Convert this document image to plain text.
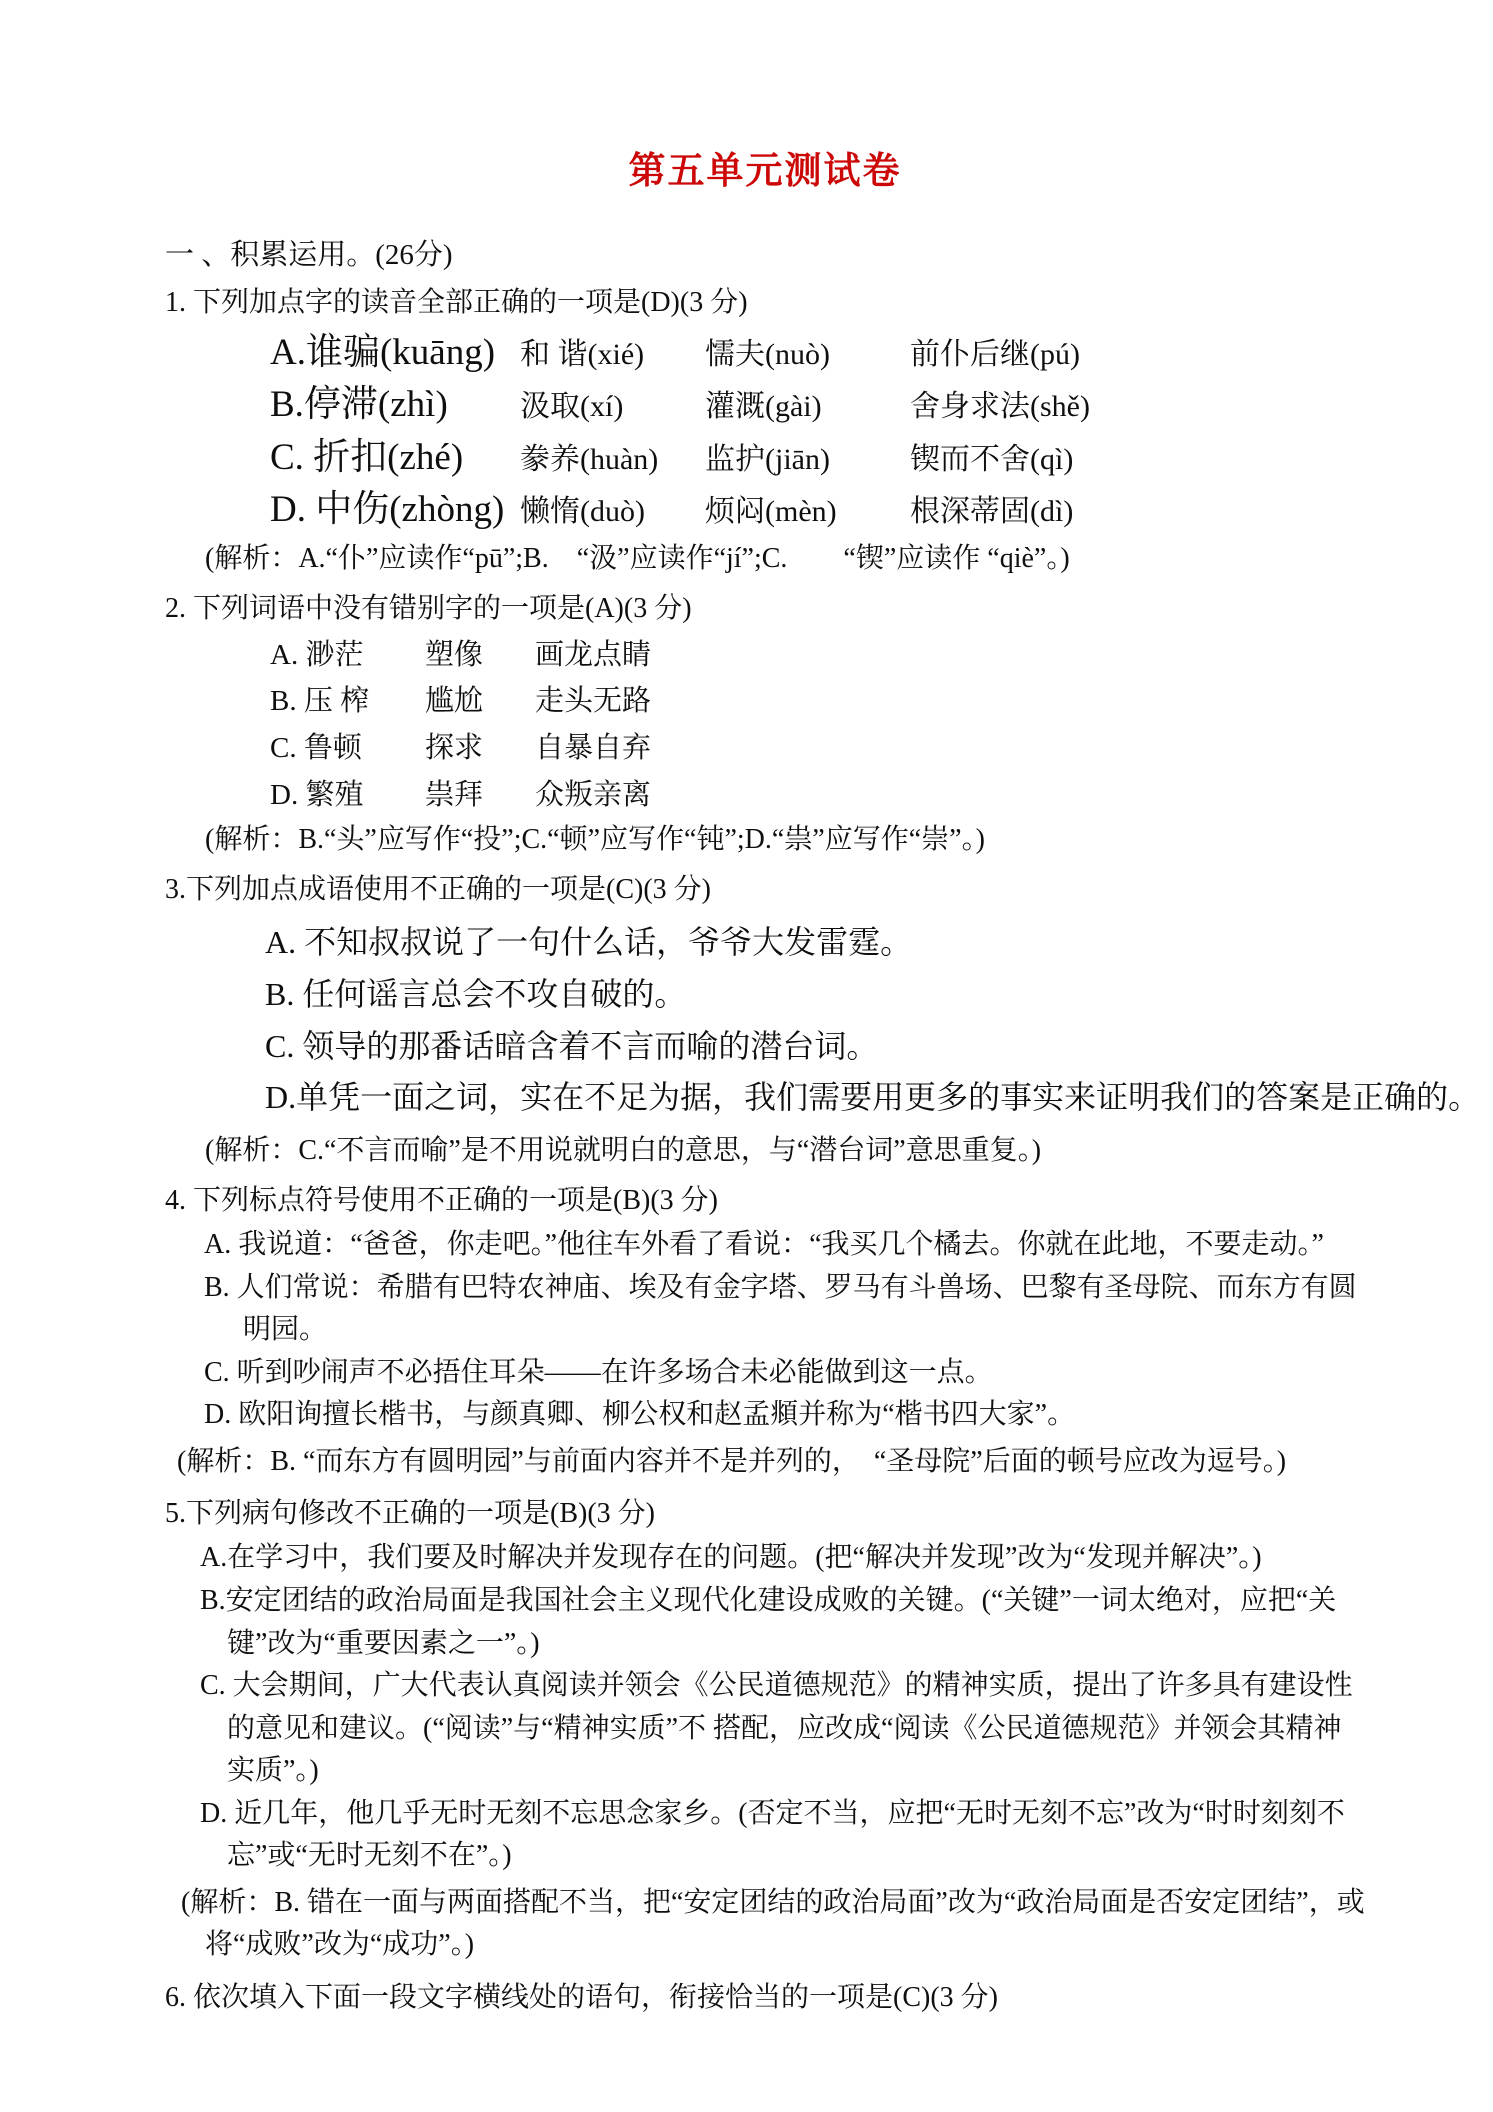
第五单元测试卷
一 、积累运用。(26分)
1. 下列加点字的读音全部正确的一项是(D)(3 分)
A.谁骗(kuāng) 和 谐(xié)	懦夫(nuò)	前仆后继(pú)
B.停滞(zhì)	汲取(xí)	灌溉(gài)	舍身求法(shě)
C. 折扣(zhé)	豢养(huàn)	监护(jiān)	锲而不舍(qì)
D. 中伤(zhòng) 懒惰(duò)	烦闷(mèn)	根深蒂固(dì)
(解析：A.“仆”应读作“pū”;B.　“汲”应读作“jí”;C.　　“锲”应读作 “qiè”。)
2. 下列词语中没有错别字的一项是(A)(3 分)
A. 渺茫	塑像	画龙点睛
B. 压 榨	尴尬	走头无路
C. 鲁顿	探求	自暴自弃
D. 繁殖	祟拜	众叛亲离
(解析：B.“头”应写作“投”;C.“顿”应写作“钝”;D.“祟”应写作“崇”。)
3.下列加点成语使用不正确的一项是(C)(3 分)
A. 不知叔叔说了一句什么话，爷爷大发雷霆。
B. 任何谣言总会不攻自破的。
C. 领导的那番话暗含着不言而喻的潜台词。
D.单凭一面之词，实在不足为据，我们需要用更多的事实来证明我们的答案是正确的。
(解析：C.“不言而喻”是不用说就明白的意思，与“潜台词”意思重复。)
4. 下列标点符号使用不正确的一项是(B)(3 分)
A. 我说道：“爸爸，你走吧。”他往车外看了看说：“我买几个橘去。你就在此地，不要走动。”
B. 人们常说：希腊有巴特农神庙、埃及有金字塔、罗马有斗兽场、巴黎有圣母院、而东方有圆明园。
C. 听到吵闹声不必捂住耳朵——在许多场合未必能做到这一点。
D. 欧阳询擅长楷书，与颜真卿、柳公权和赵孟頫并称为“楷书四大家”。
(解析：B. “而东方有圆明园”与前面内容并不是并列的，　“圣母院”后面的顿号应改为逗号。)
5.下列病句修改不正确的一项是(B)(3 分)
A.在学习中，我们要及时解决并发现存在的问题。(把“解决并发现”改为“发现并解决”。)
B.安定团结的政治局面是我国社会主义现代化建设成败的关键。(“关键”一词太绝对，应把“关键”改为“重要因素之一”。)
C. 大会期间，广大代表认真阅读并领会《公民道德规范》的精神实质，提出了许多具有建设性的意见和建议。(“阅读”与“精神实质”不 搭配，应改成“阅读《公民道德规范》并领会其精神实质”。)
D. 近几年，他几乎无时无刻不忘思念家乡。(否定不当，应把“无时无刻不忘”改为“时时刻刻不忘”或“无时无刻不在”。)
(解析：B. 错在一面与两面搭配不当，把“安定团结的政治局面”改为“政治局面是否安定团结”，或将“成败”改为“成功”。)
6. 依次填入下面一段文字横线处的语句，衔接恰当的一项是(C)(3 分)
